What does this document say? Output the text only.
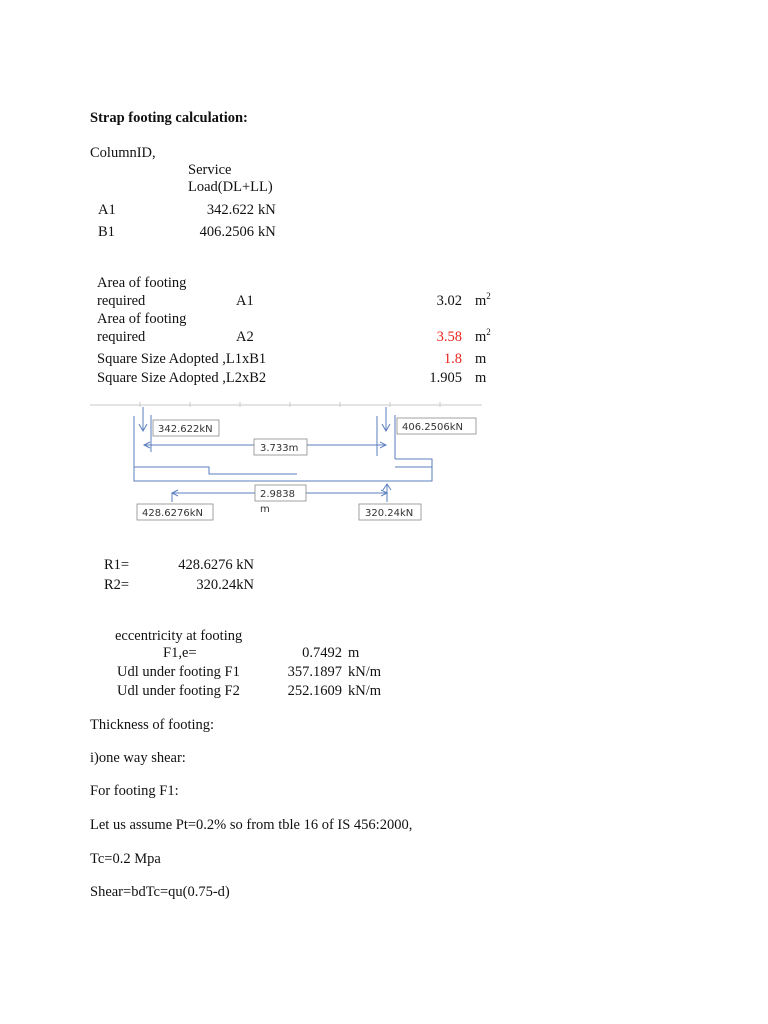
Strap footing calculation:
ColumnID,
Service
Load(DL+LL)
A1	342.622 kN
B1	406.2506 kN
Area of footing
required	A1	3.02 $m^2$
Area of footing
required	A2	3.58 $m^2$
Square Size Adopted ,L1xB1	1.8 m
Square Size Adopted ,L2xB2	1.905 m
342.622kN	406.2506kN
3.733m
2.9838
m
428.6276kN	320.24kN
R1=	428.6276 kN
R2=	320.24kN
eccentricity at footing
F1,e=	0.7492 m
Udl under footing F1	357.1897 kN/m
Udl under footing F2	252.1609 kN/m
Thickness of footing:
i)one way shear:
For footing F1:
Let us assume Pt=0.2% so from tble 16 of IS 456:2000,
Tc=0.2 Mpa
Shear=bdTc=qu(0.75-d)
